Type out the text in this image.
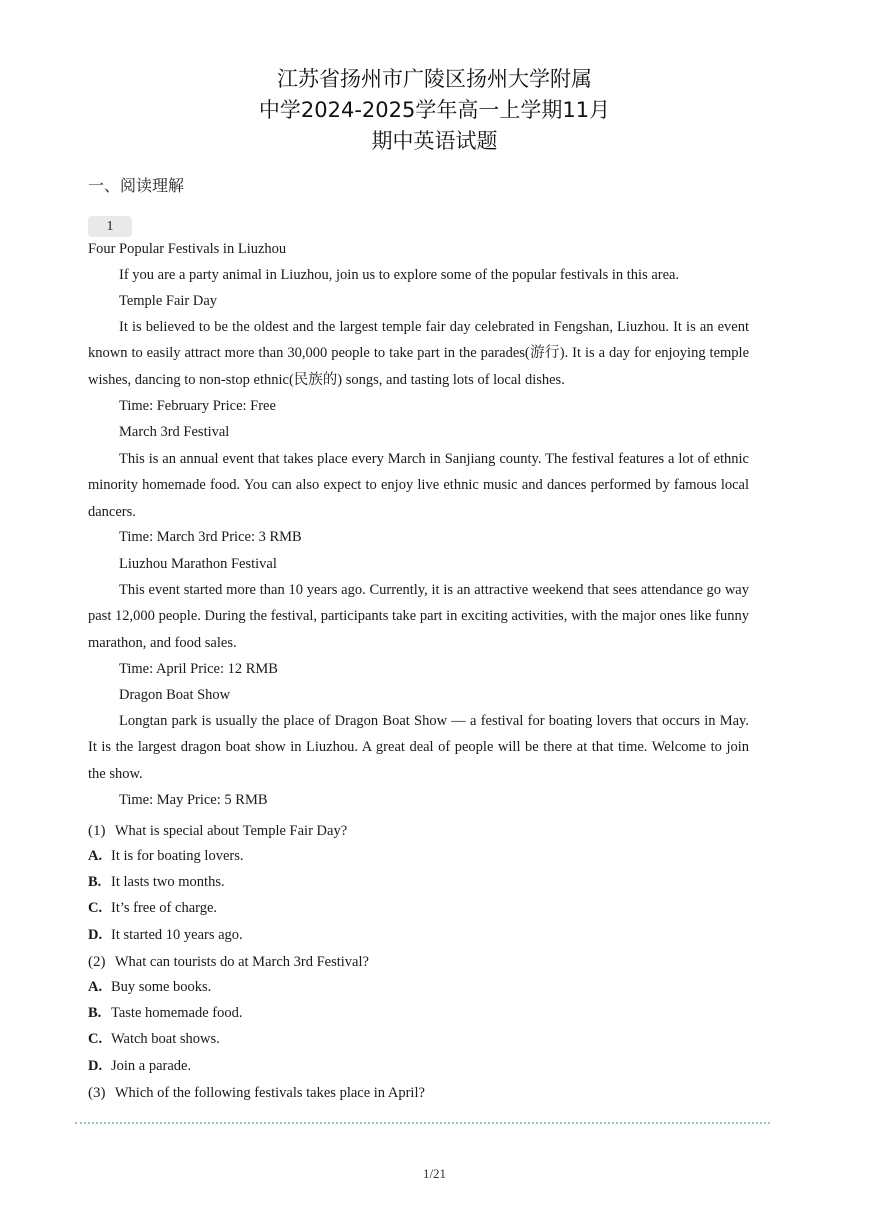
江苏省扬州市广陵区扬州大学附属
中学2024-2025学年高一上学期11月
期中英语试题
一、阅读理解
1
Four Popular Festivals in Liuzhou
If you are a party animal in Liuzhou, join us to explore some of the popular festivals in this area.
Temple Fair Day
It is believed to be the oldest and the largest temple fair day celebrated in Fengshan, Liuzhou. It is an event known to easily attract more than 30,000 people to take part in the parades(游行). It is a day for enjoying temple wishes, dancing to non-stop ethnic(民族的) songs, and tasting lots of local dishes.
Time: February Price: Free
March 3rd Festival
This is an annual event that takes place every March in Sanjiang county. The festival features a lot of ethnic minority homemade food. You can also expect to enjoy live ethnic music and dances performed by famous local dancers.
Time: March 3rd Price: 3 RMB
Liuzhou Marathon Festival
This event started more than 10 years ago. Currently, it is an attractive weekend that sees attendance go way past 12,000 people. During the festival, participants take part in exciting activities, with the major ones like funny marathon, and food sales.
Time: April Price: 12 RMB
Dragon Boat Show
Longtan park is usually the place of Dragon Boat Show — a festival for boating lovers that occurs in May. It is the largest dragon boat show in Liuzhou. A great deal of people will be there at that time. Welcome to join the show.
Time: May Price: 5 RMB
(1) What is special about Temple Fair Day?
A. It is for boating lovers.
B. It lasts two months.
C. It’s free of charge.
D. It started 10 years ago.
(2) What can tourists do at March 3rd Festival?
A. Buy some books.
B. Taste homemade food.
C. Watch boat shows.
D. Join a parade.
(3) Which of the following festivals takes place in April?
1/21
